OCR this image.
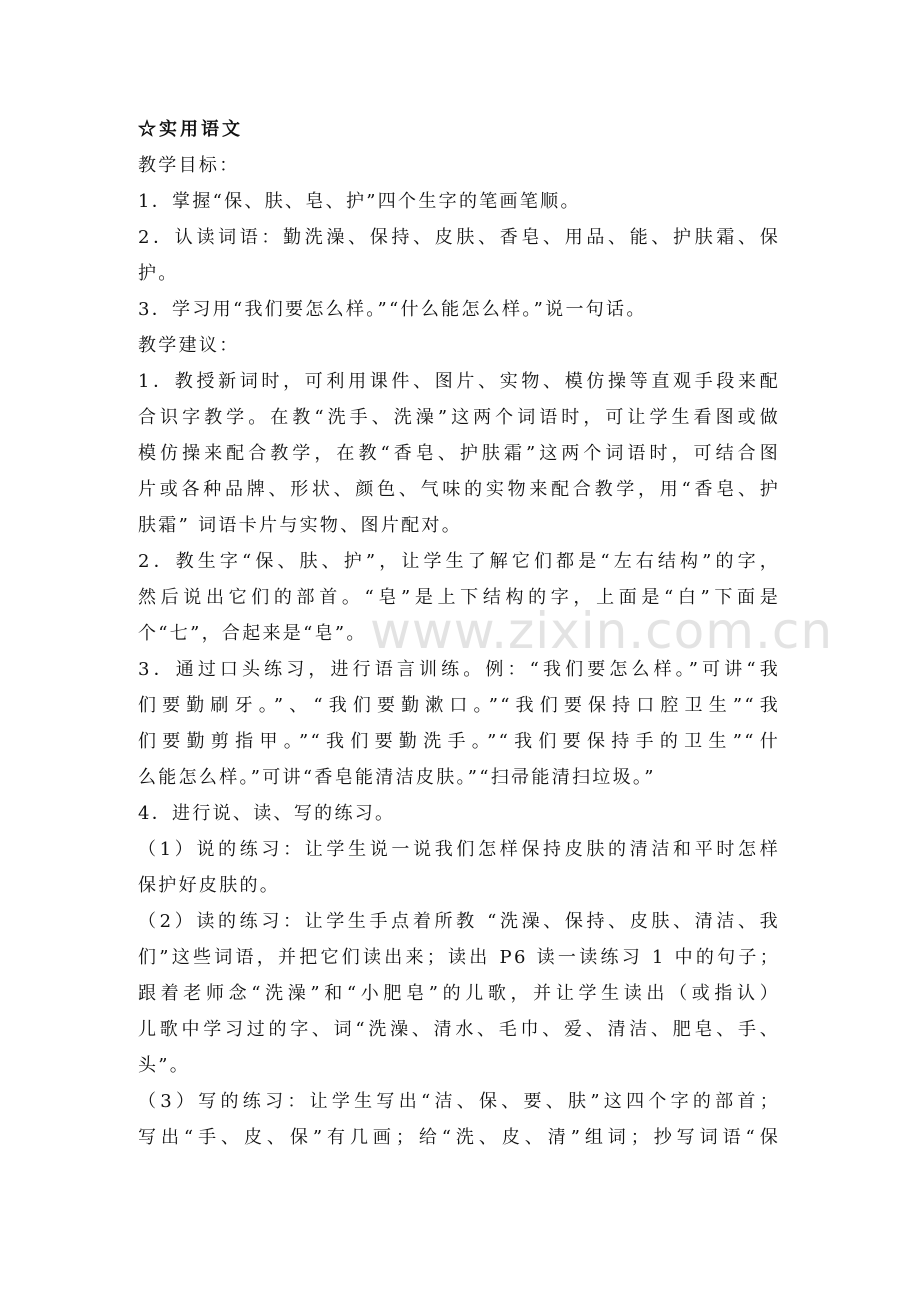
www.zixin.com.cn
☆实用语文
教学目标：
1．掌握“保、肤、皂、护”四个生字的笔画笔顺。
2．认读词语：勤洗澡、保持、皮肤、香皂、用品、能、护肤霜、保
护。
3．学习用“我们要怎么样。”“什么能怎么样。”说一句话。
教学建议：
1．教授新词时，可利用课件、图片、实物、模仿操等直观手段来配
合识字教学。在教“洗手、洗澡”这两个词语时，可让学生看图或做
模仿操来配合教学，在教“香皂、护肤霜”这两个词语时，可结合图
片或各种品牌、形状、颜色、气味的实物来配合教学，用“香皂、护
肤霜” 词语卡片与实物、图片配对。
2．教生字“保、肤、护”，让学生了解它们都是“左右结构”的字，
然后说出它们的部首。“皂”是上下结构的字，上面是“白”下面是
个“七”，合起来是“皂”。
3．通过口头练习，进行语言训练。例：“我们要怎么样。”可讲“我
们要勤刷牙。”、“我们要勤漱口。”“我们要保持口腔卫生”“我
们要勤剪指甲。”“我们要勤洗手。”“我们要保持手的卫生”“什
么能怎么样。”可讲“香皂能清洁皮肤。”“扫帚能清扫垃圾。”
4．进行说、读、写的练习。
（1）说的练习：让学生说一说我们怎样保持皮肤的清洁和平时怎样
保护好皮肤的。
（2）读的练习：让学生手点着所教 “洗澡、保持、皮肤、清洁、我
们”这些词语，并把它们读出来；读出 P6 读一读练习 1 中的句子；
跟着老师念“洗澡”和“小肥皂”的儿歌，并让学生读出（或指认）
儿歌中学习过的字、词“洗澡、清水、毛巾、爱、清洁、肥皂、手、
头”。
（3）写的练习：让学生写出“洁、保、要、肤”这四个字的部首；
写出“手、皮、保”有几画；给“洗、皮、清”组词；抄写词语“保
